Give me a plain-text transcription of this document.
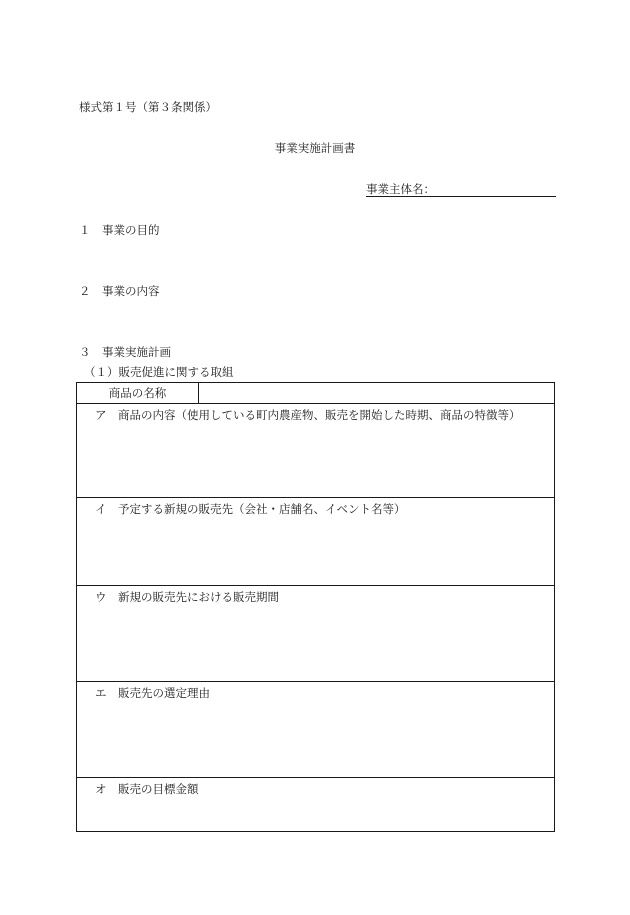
様式第１号（第３条関係）
事業実施計画書
事業主体名：
１　事業の目的
２　事業の内容
３　事業実施計画
（１）販売促進に関する取組
商品の名称
ア　商品の内容（使用している町内農産物、販売を開始した時期、商品の特徴等）
イ　予定する新規の販売先（会社・店舗名、イベント名等）
ウ　新規の販売先における販売期間
エ　販売先の選定理由
オ　販売の目標金額
